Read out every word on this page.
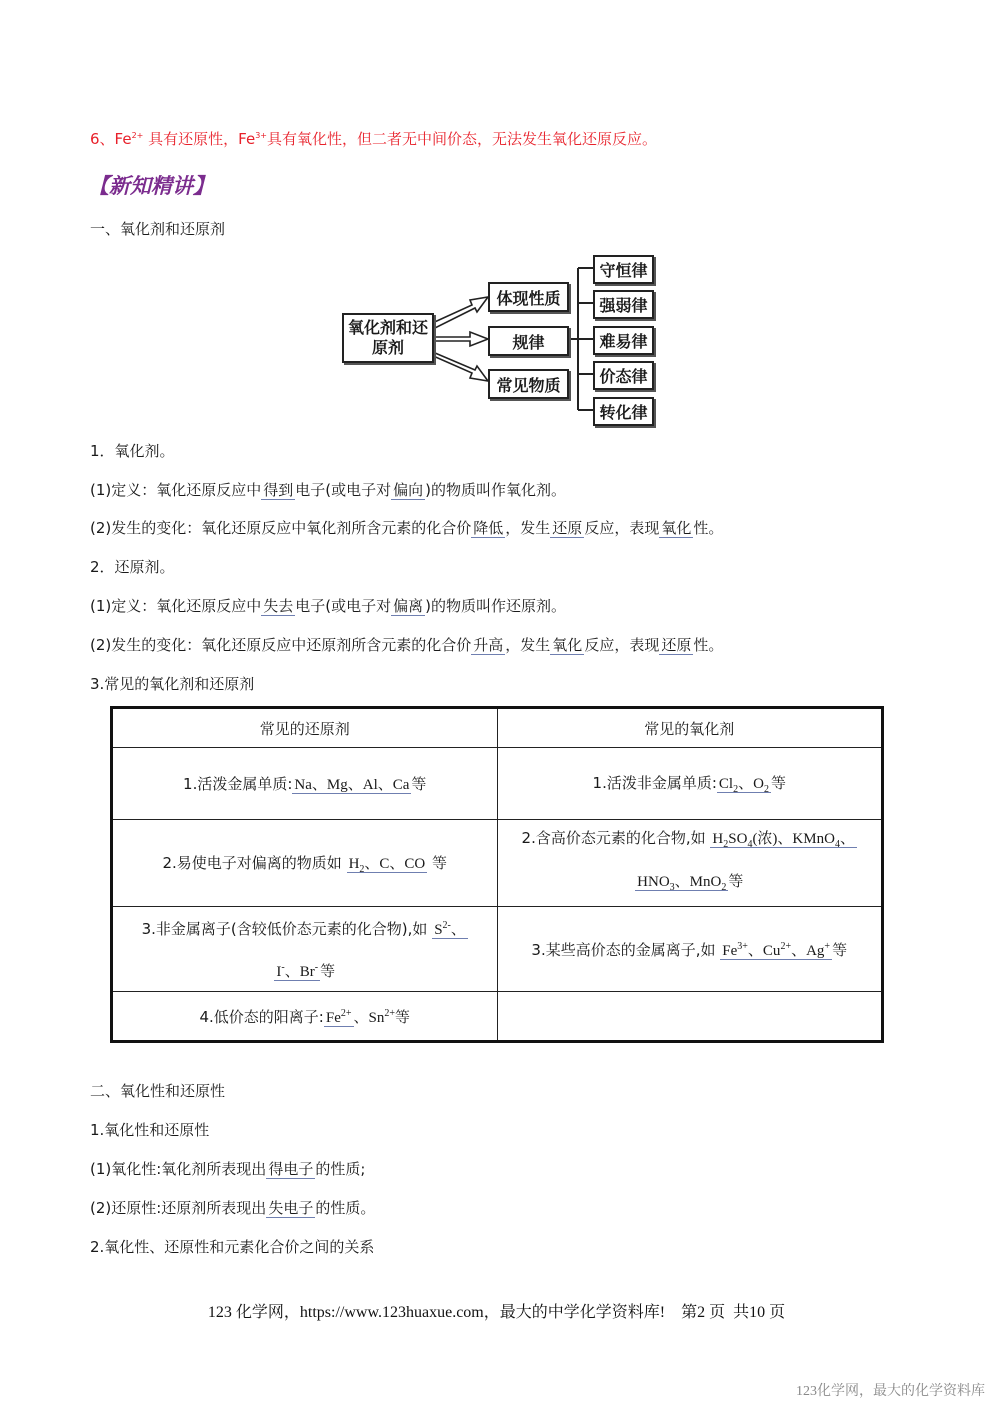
6、$Fe^{2+}$ 具有还原性，$Fe^{3+}$具有氧化性，但二者无中间价态，无法发生氧化还原反应。
【新知精讲】
一、氧化剂和还原剂
氧化剂和还原剂
体现性质
规律
常见物质
守恒律
强弱律
难易律
价态律
转化律
1．氧化剂。
(1)定义：氧化还原反应中 得到 电子(或电子对 偏向 )的物质叫作氧化剂。
(2)发生的变化：氧化还原反应中氧化剂所含元素的化合价 降低 ，发生 还原 反应，表现 氧化 性。
2．还原剂。
(1)定义：氧化还原反应中 失去 电子(或电子对 偏离 )的物质叫作还原剂。
(2)发生的变化：氧化还原反应中还原剂所含元素的化合价 升高 ，发生 氧化 反应，表现 还原 性。
3.常见的氧化剂和还原剂
常见的还原剂	常见的氧化剂
1.活泼金属单质: Na、Mg、Al、Ca 等	1.活泼非金属单质: $Cl_2$、$O_2$ 等
2.易使电子对偏离的物质如 $H_2$、C、CO 等	2.含高价态元素的化合物,如 $H_2SO_4$(浓)、KMnO$_4$、
$HNO_3$、MnO$_2$ 等
3.非金属离子(含较低价态元素的化合物),如 $S^{2-}$、
I-、Br- 等	3.某些高价态的金属离子,如 $Fe^{3+}$、$Cu^{2+}$、Ag+ 等
4.低价态的阳离子: $Fe^{2+}$ 、$Sn^{2+}$等	
二、氧化性和还原性
1.氧化性和还原性
(1)氧化性:氧化剂所表现出 得电子 的性质;
(2)还原性:还原剂所表现出 失电子 的性质。
2.氧化性、还原性和元素化合价之间的关系
123 化学网，https://www.123huaxue.com，最大的中学化学资料库!    第2 页  共10 页
123化学网，最大的化学资料库
